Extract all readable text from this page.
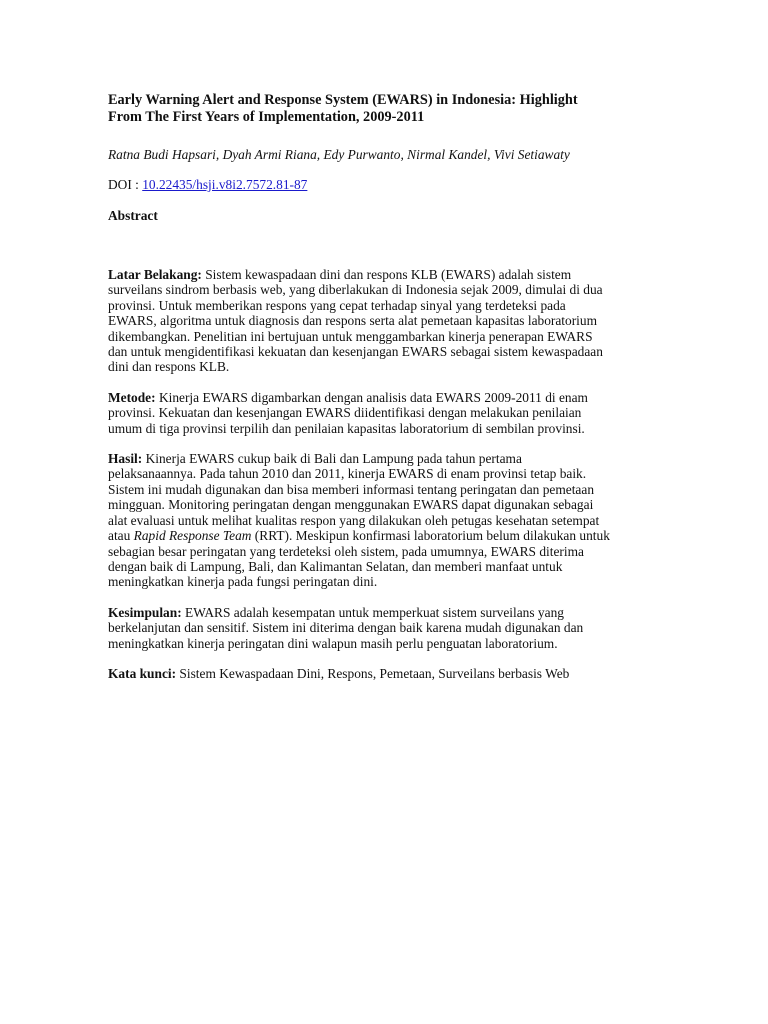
Early Warning Alert and Response System (EWARS) in Indonesia: Highlight
From The First Years of Implementation, 2009-2011

Ratna Budi Hapsari, Dyah Armi Riana, Edy Purwanto, Nirmal Kandel, Vivi Setiawaty

DOI : 10.22435/hsji.v8i2.7572.81-87

Abstract

Latar Belakang: Sistem kewaspadaan dini dan respons KLB (EWARS) adalah sistem
surveilans sindrom berbasis web, yang diberlakukan di Indonesia sejak 2009, dimulai di dua
provinsi. Untuk memberikan respons yang cepat terhadap sinyal yang terdeteksi pada
EWARS, algoritma untuk diagnosis dan respons serta alat pemetaan kapasitas laboratorium
dikembangkan. Penelitian ini bertujuan untuk menggambarkan kinerja penerapan EWARS
dan untuk mengidentifikasi kekuatan dan kesenjangan EWARS sebagai sistem kewaspadaan
dini dan respons KLB.

Metode: Kinerja EWARS digambarkan dengan analisis data EWARS 2009-2011 di enam
provinsi. Kekuatan dan kesenjangan EWARS diidentifikasi dengan melakukan penilaian
umum di tiga provinsi terpilih dan penilaian kapasitas laboratorium di sembilan provinsi.

Hasil: Kinerja EWARS cukup baik di Bali dan Lampung pada tahun pertama
pelaksanaannya. Pada tahun 2010 dan 2011, kinerja EWARS di enam provinsi tetap baik.
Sistem ini mudah digunakan dan bisa memberi informasi tentang peringatan dan pemetaan
mingguan. Monitoring peringatan dengan menggunakan EWARS dapat digunakan sebagai
alat evaluasi untuk melihat kualitas respon yang dilakukan oleh petugas kesehatan setempat
atau Rapid Response Team (RRT). Meskipun konfirmasi laboratorium belum dilakukan untuk
sebagian besar peringatan yang terdeteksi oleh sistem, pada umumnya, EWARS diterima
dengan baik di Lampung, Bali, dan Kalimantan Selatan, dan memberi manfaat untuk
meningkatkan kinerja pada fungsi peringatan dini.

Kesimpulan: EWARS adalah kesempatan untuk memperkuat sistem surveilans yang
berkelanjutan dan sensitif. Sistem ini diterima dengan baik karena mudah digunakan dan
meningkatkan kinerja peringatan dini walapun masih perlu penguatan laboratorium.

Kata kunci: Sistem Kewaspadaan Dini, Respons, Pemetaan, Surveilans berbasis Web
